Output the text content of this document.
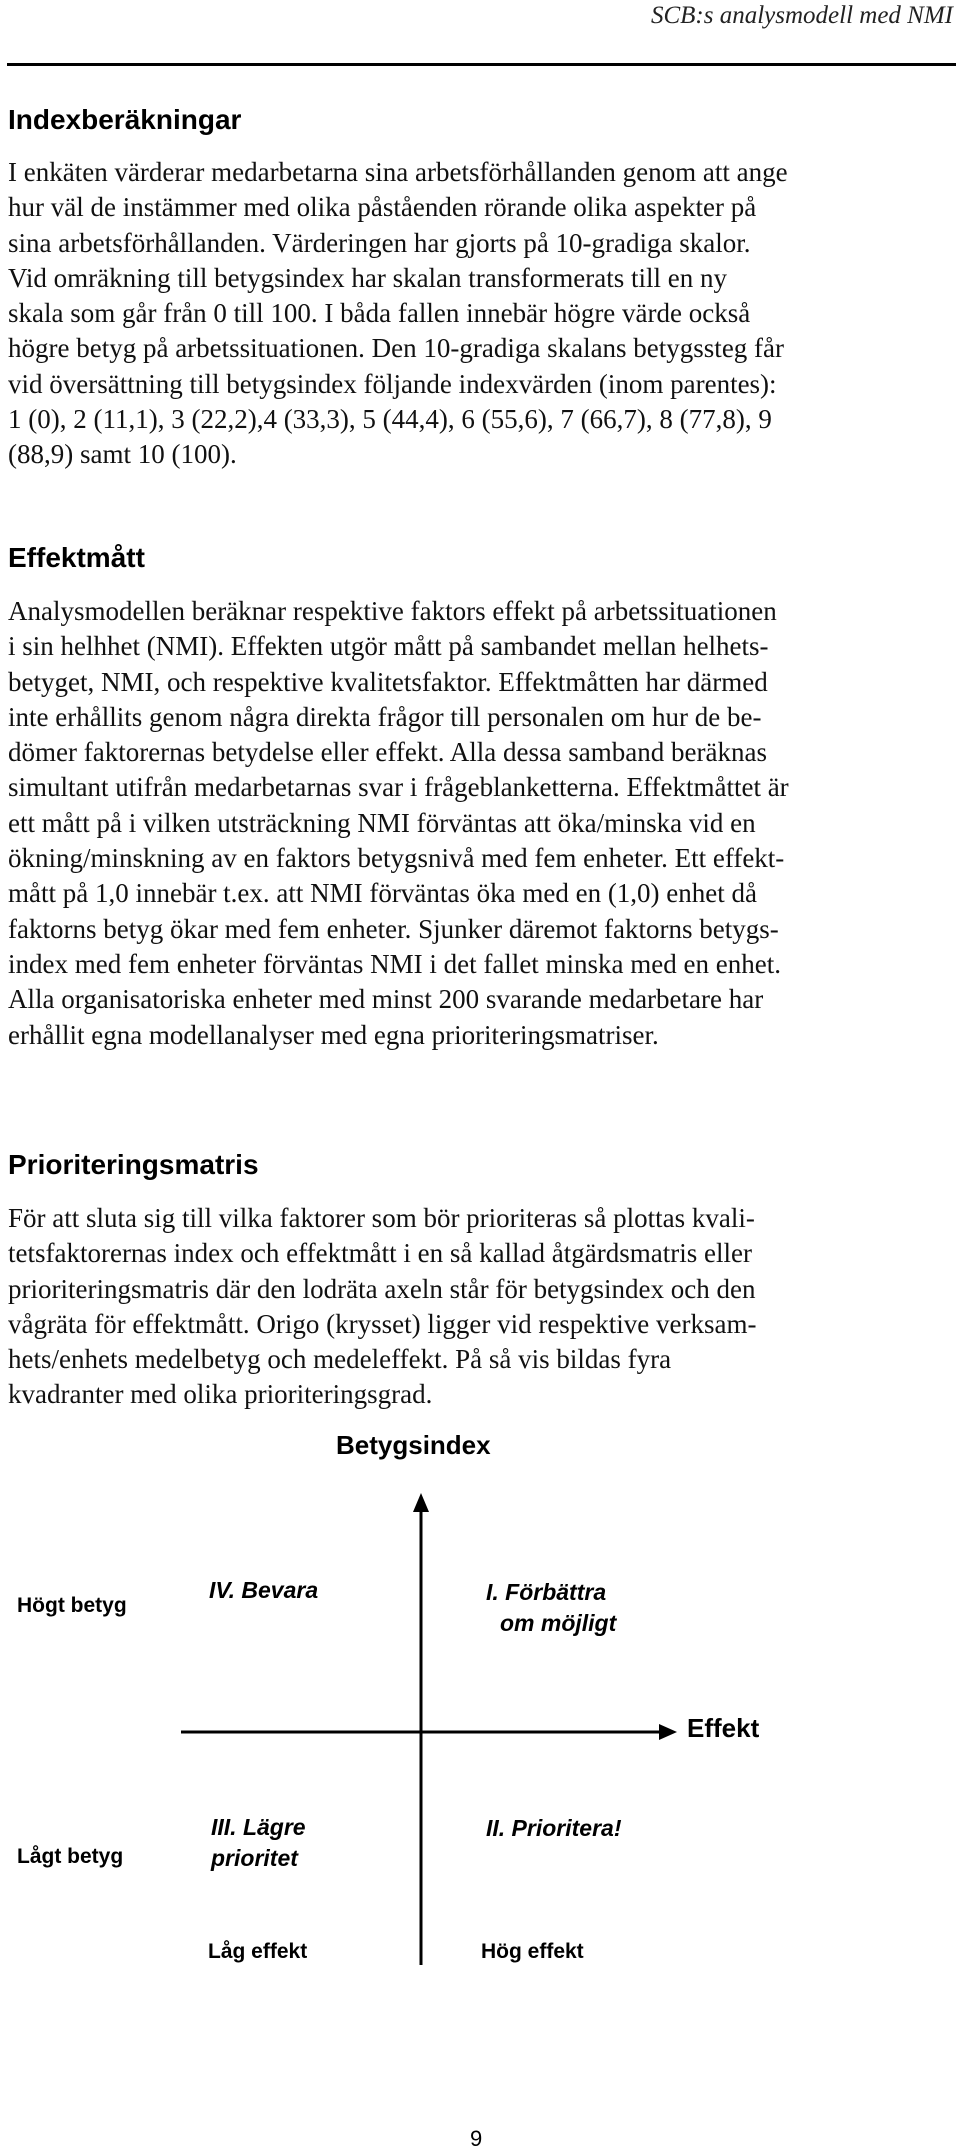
SCB:s analysmodell med NMI
Indexberäkningar

I enkäten värderar medarbetarna sina arbetsförhållanden genom att ange
hur väl de instämmer med olika påståenden rörande olika aspekter på
sina arbetsförhållanden. Värderingen har gjorts på 10-gradiga skalor.
Vid omräkning till betygsindex har skalan transformerats till en ny
skala som går från 0 till 100. I båda fallen innebär högre värde också
högre betyg på arbetssituationen. Den 10-gradiga skalans betygssteg får
vid översättning till betygsindex följande indexvärden (inom parentes):
1 (0), 2 (11,1), 3 (22,2),4 (33,3), 5 (44,4), 6 (55,6), 7 (66,7), 8 (77,8), 9
(88,9) samt 10 (100).

Effektmått

Analysmodellen beräknar respektive faktors effekt på arbetssituationen
i sin helhhet (NMI). Effekten utgör mått på sambandet mellan helhets-
betyget, NMI, och respektive kvalitetsfaktor. Effektmåtten har därmed
inte erhållits genom några direkta frågor till personalen om hur de be-
dömer faktorernas betydelse eller effekt. Alla dessa samband beräknas
simultant utifrån medarbetarnas svar i frågeblanketterna. Effektmåttet är
ett mått på i vilken utsträckning NMI förväntas att öka/minska vid en
ökning/minskning av en faktors betygsnivå med fem enheter. Ett effekt-
mått på 1,0 innebär t.ex. att NMI förväntas öka med en (1,0) enhet då
faktorns betyg ökar med fem enheter. Sjunker däremot faktorns betygs-
index med fem enheter förväntas NMI i det fallet minska med en enhet.
Alla organisatoriska enheter med minst 200 svarande medarbetare har
erhållit egna modellanalyser med egna prioriteringsmatriser.

Prioriteringsmatris

För att sluta sig till vilka faktorer som bör prioriteras så plottas kvali-
tetsfaktorernas index och effektmått i en så kallad åtgärdsmatris eller
prioriteringsmatris där den lodräta axeln står för betygsindex och den
vågräta för effektmått. Origo (krysset) ligger vid respektive verksam-
hets/enhets medelbetyg och medeleffekt. På så vis bildas fyra
kvadranter med olika prioriteringsgrad.

Betygsindex
Effekt
Högt betyg
Lågt betyg
IV. Bevara	I. Förbättra
om möjligt
III. Lägre
prioritet
II. Prioritera!
Låg effekt	Hög effekt
9
